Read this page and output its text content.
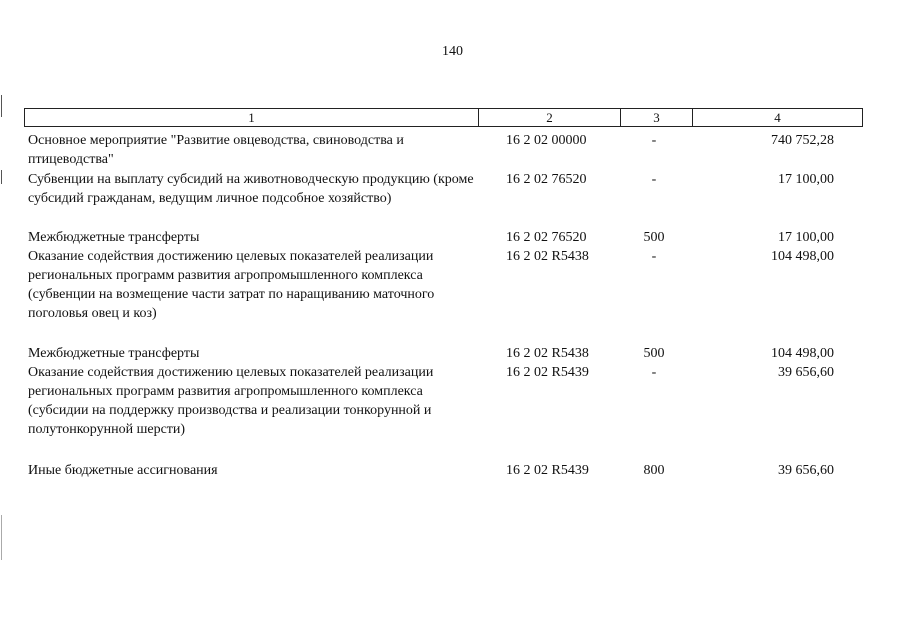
140
1	2	3	4
Основное мероприятие "Развитие овцеводства, свиноводства и птицеводства"
16 2 02 00000	-	740 752,28
Субвенции на выплату субсидий на животноводческую продукцию (кроме субсидий гражданам, ведущим личное подсобное хозяйство)
16 2 02 76520	-	17 100,00
Межбюджетные трансферты	16 2 02 76520	500	17 100,00
Оказание содействия достижению целевых показателей реализации региональных программ развития агропромышленного комплекса (субвенции на возмещение части затрат по наращиванию маточного поголовья овец и коз)
16 2 02 R5438	-	104 498,00
Межбюджетные трансферты	16 2 02 R5438	500	104 498,00
Оказание содействия достижению целевых показателей реализации региональных программ развития агропромышленного комплекса (субсидии на поддержку производства и реализации тонкорунной и полутонкорунной шерсти)
16 2 02 R5439	-	39 656,60
Иные бюджетные ассигнования	16 2 02 R5439	800	39 656,60
